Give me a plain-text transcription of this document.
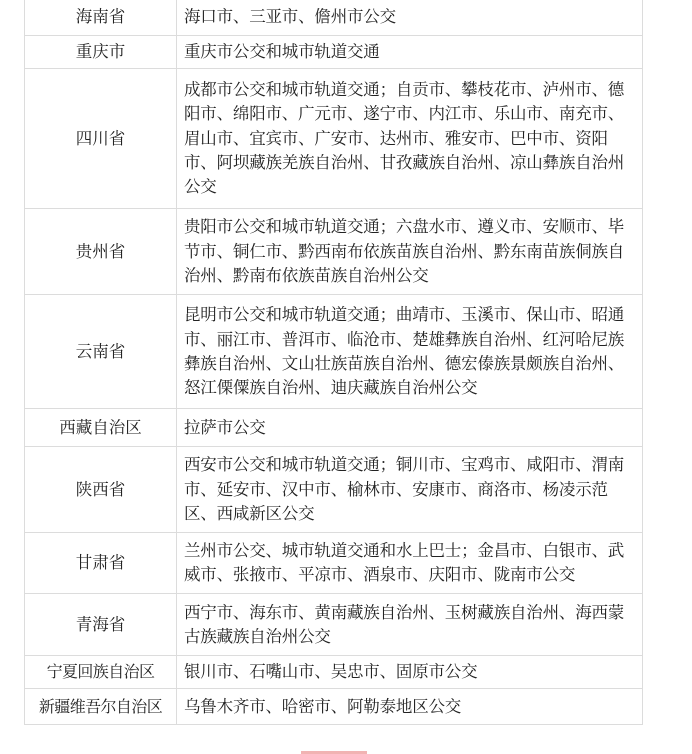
海南省	海口市、三亚市、儋州市公交
重庆市	重庆市公交和城市轨道交通
四川省	成都市公交和城市轨道交通；自贡市、攀枝花市、泸州市、德阳市、绵阳市、广元市、遂宁市、内江市、乐山市、南充市、眉山市、宜宾市、广安市、达州市、雅安市、巴中市、资阳市、阿坝藏族羌族自治州、甘孜藏族自治州、凉山彝族自治州公交
贵州省	贵阳市公交和城市轨道交通；六盘水市、遵义市、安顺市、毕节市、铜仁市、黔西南布依族苗族自治州、黔东南苗族侗族自治州、黔南布依族苗族自治州公交
云南省	昆明市公交和城市轨道交通；曲靖市、玉溪市、保山市、昭通市、丽江市、普洱市、临沧市、楚雄彝族自治州、红河哈尼族彝族自治州、文山壮族苗族自治州、德宏傣族景颇族自治州、怒江傈僳族自治州、迪庆藏族自治州公交
西藏自治区	拉萨市公交
陕西省	西安市公交和城市轨道交通；铜川市、宝鸡市、咸阳市、渭南市、延安市、汉中市、榆林市、安康市、商洛市、杨凌示范区、西咸新区公交
甘肃省	兰州市公交、城市轨道交通和水上巴士；金昌市、白银市、武威市、张掖市、平凉市、酒泉市、庆阳市、陇南市公交
青海省	西宁市、海东市、黄南藏族自治州、玉树藏族自治州、海西蒙古族藏族自治州公交
宁夏回族自治区	银川市、石嘴山市、吴忠市、固原市公交
新疆维吾尔自治区	乌鲁木齐市、哈密市、阿勒泰地区公交
